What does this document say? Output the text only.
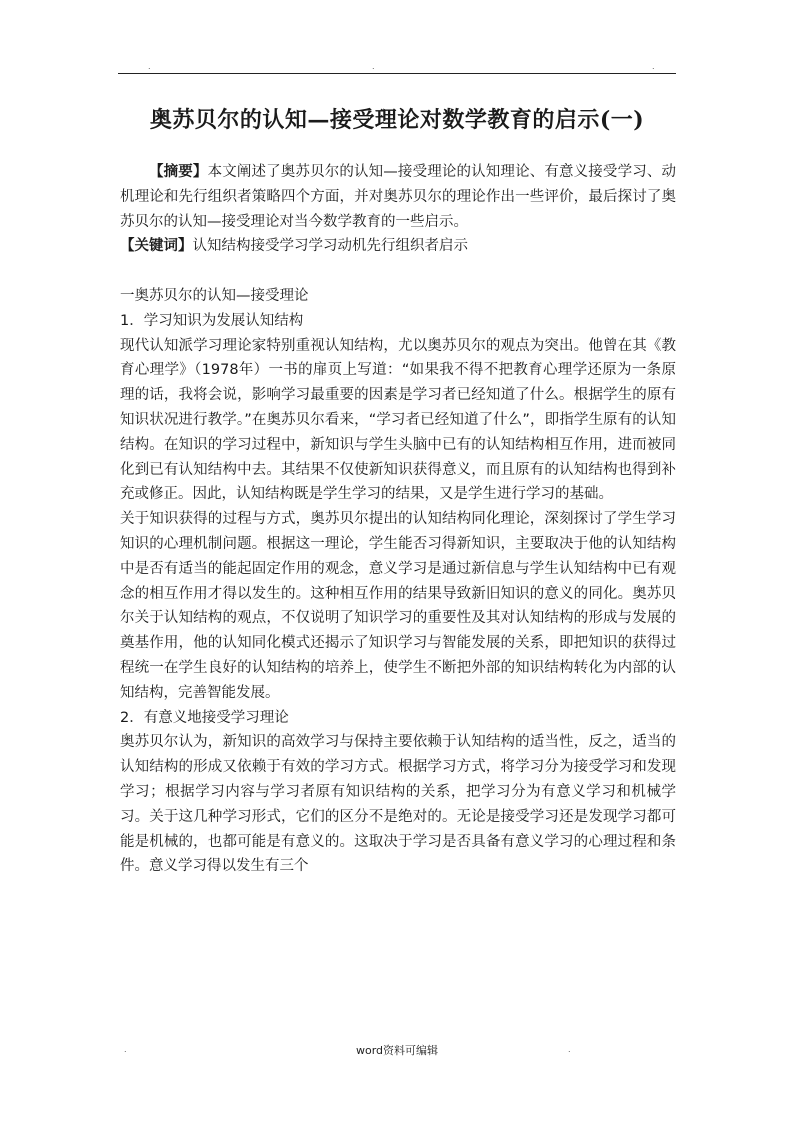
.	.	.
奥苏贝尔的认知—接受理论对数学教育的启示(一)

【摘要】本文阐述了奥苏贝尔的认知—接受理论的认知理论、有意义接受学习、动机理论和先行组织者策略四个方面，并对奥苏贝尔的理论作出一些评价，最后探讨了奥苏贝尔的认知—接受理论对当今数学教育的一些启示。

【关键词】认知结构接受学习学习动机先行组织者启示

一奥苏贝尔的认知—接受理论

1．学习知识为发展认知结构

现代认知派学习理论家特别重视认知结构，尤以奥苏贝尔的观点为突出。他曾在其《教育心理学》（1978年）一书的扉页上写道：“如果我不得不把教育心理学还原为一条原理的话，我将会说，影响学习最重要的因素是学习者已经知道了什么。根据学生的原有知识状况进行教学。”在奥苏贝尔看来，“学习者已经知道了什么”，即指学生原有的认知结构。在知识的学习过程中，新知识与学生头脑中已有的认知结构相互作用，进而被同化到已有认知结构中去。其结果不仅使新知识获得意义，而且原有的认知结构也得到补充或修正。因此，认知结构既是学生学习的结果，又是学生进行学习的基础。

关于知识获得的过程与方式，奥苏贝尔提出的认知结构同化理论，深刻探讨了学生学习知识的心理机制问题。根据这一理论，学生能否习得新知识，主要取决于他的认知结构中是否有适当的能起固定作用的观念，意义学习是通过新信息与学生认知结构中已有观念的相互作用才得以发生的。这种相互作用的结果导致新旧知识的意义的同化。奥苏贝尔关于认知结构的观点，不仅说明了知识学习的重要性及其对认知结构的形成与发展的奠基作用，他的认知同化模式还揭示了知识学习与智能发展的关系，即把知识的获得过程统一在学生良好的认知结构的培养上，使学生不断把外部的知识结构转化为内部的认知结构，完善智能发展。

2．有意义地接受学习理论

奥苏贝尔认为，新知识的高效学习与保持主要依赖于认知结构的适当性，反之，适当的认知结构的形成又依赖于有效的学习方式。根据学习方式，将学习分为接受学习和发现学习；根据学习内容与学习者原有知识结构的关系，把学习分为有意义学习和机械学习。关于这几种学习形式，它们的区分不是绝对的。无论是接受学习还是发现学习都可能是机械的，也都可能是有意义的。这取决于学习是否具备有意义学习的心理过程和条件。意义学习得以发生有三个

.	word资料可编辑	.
